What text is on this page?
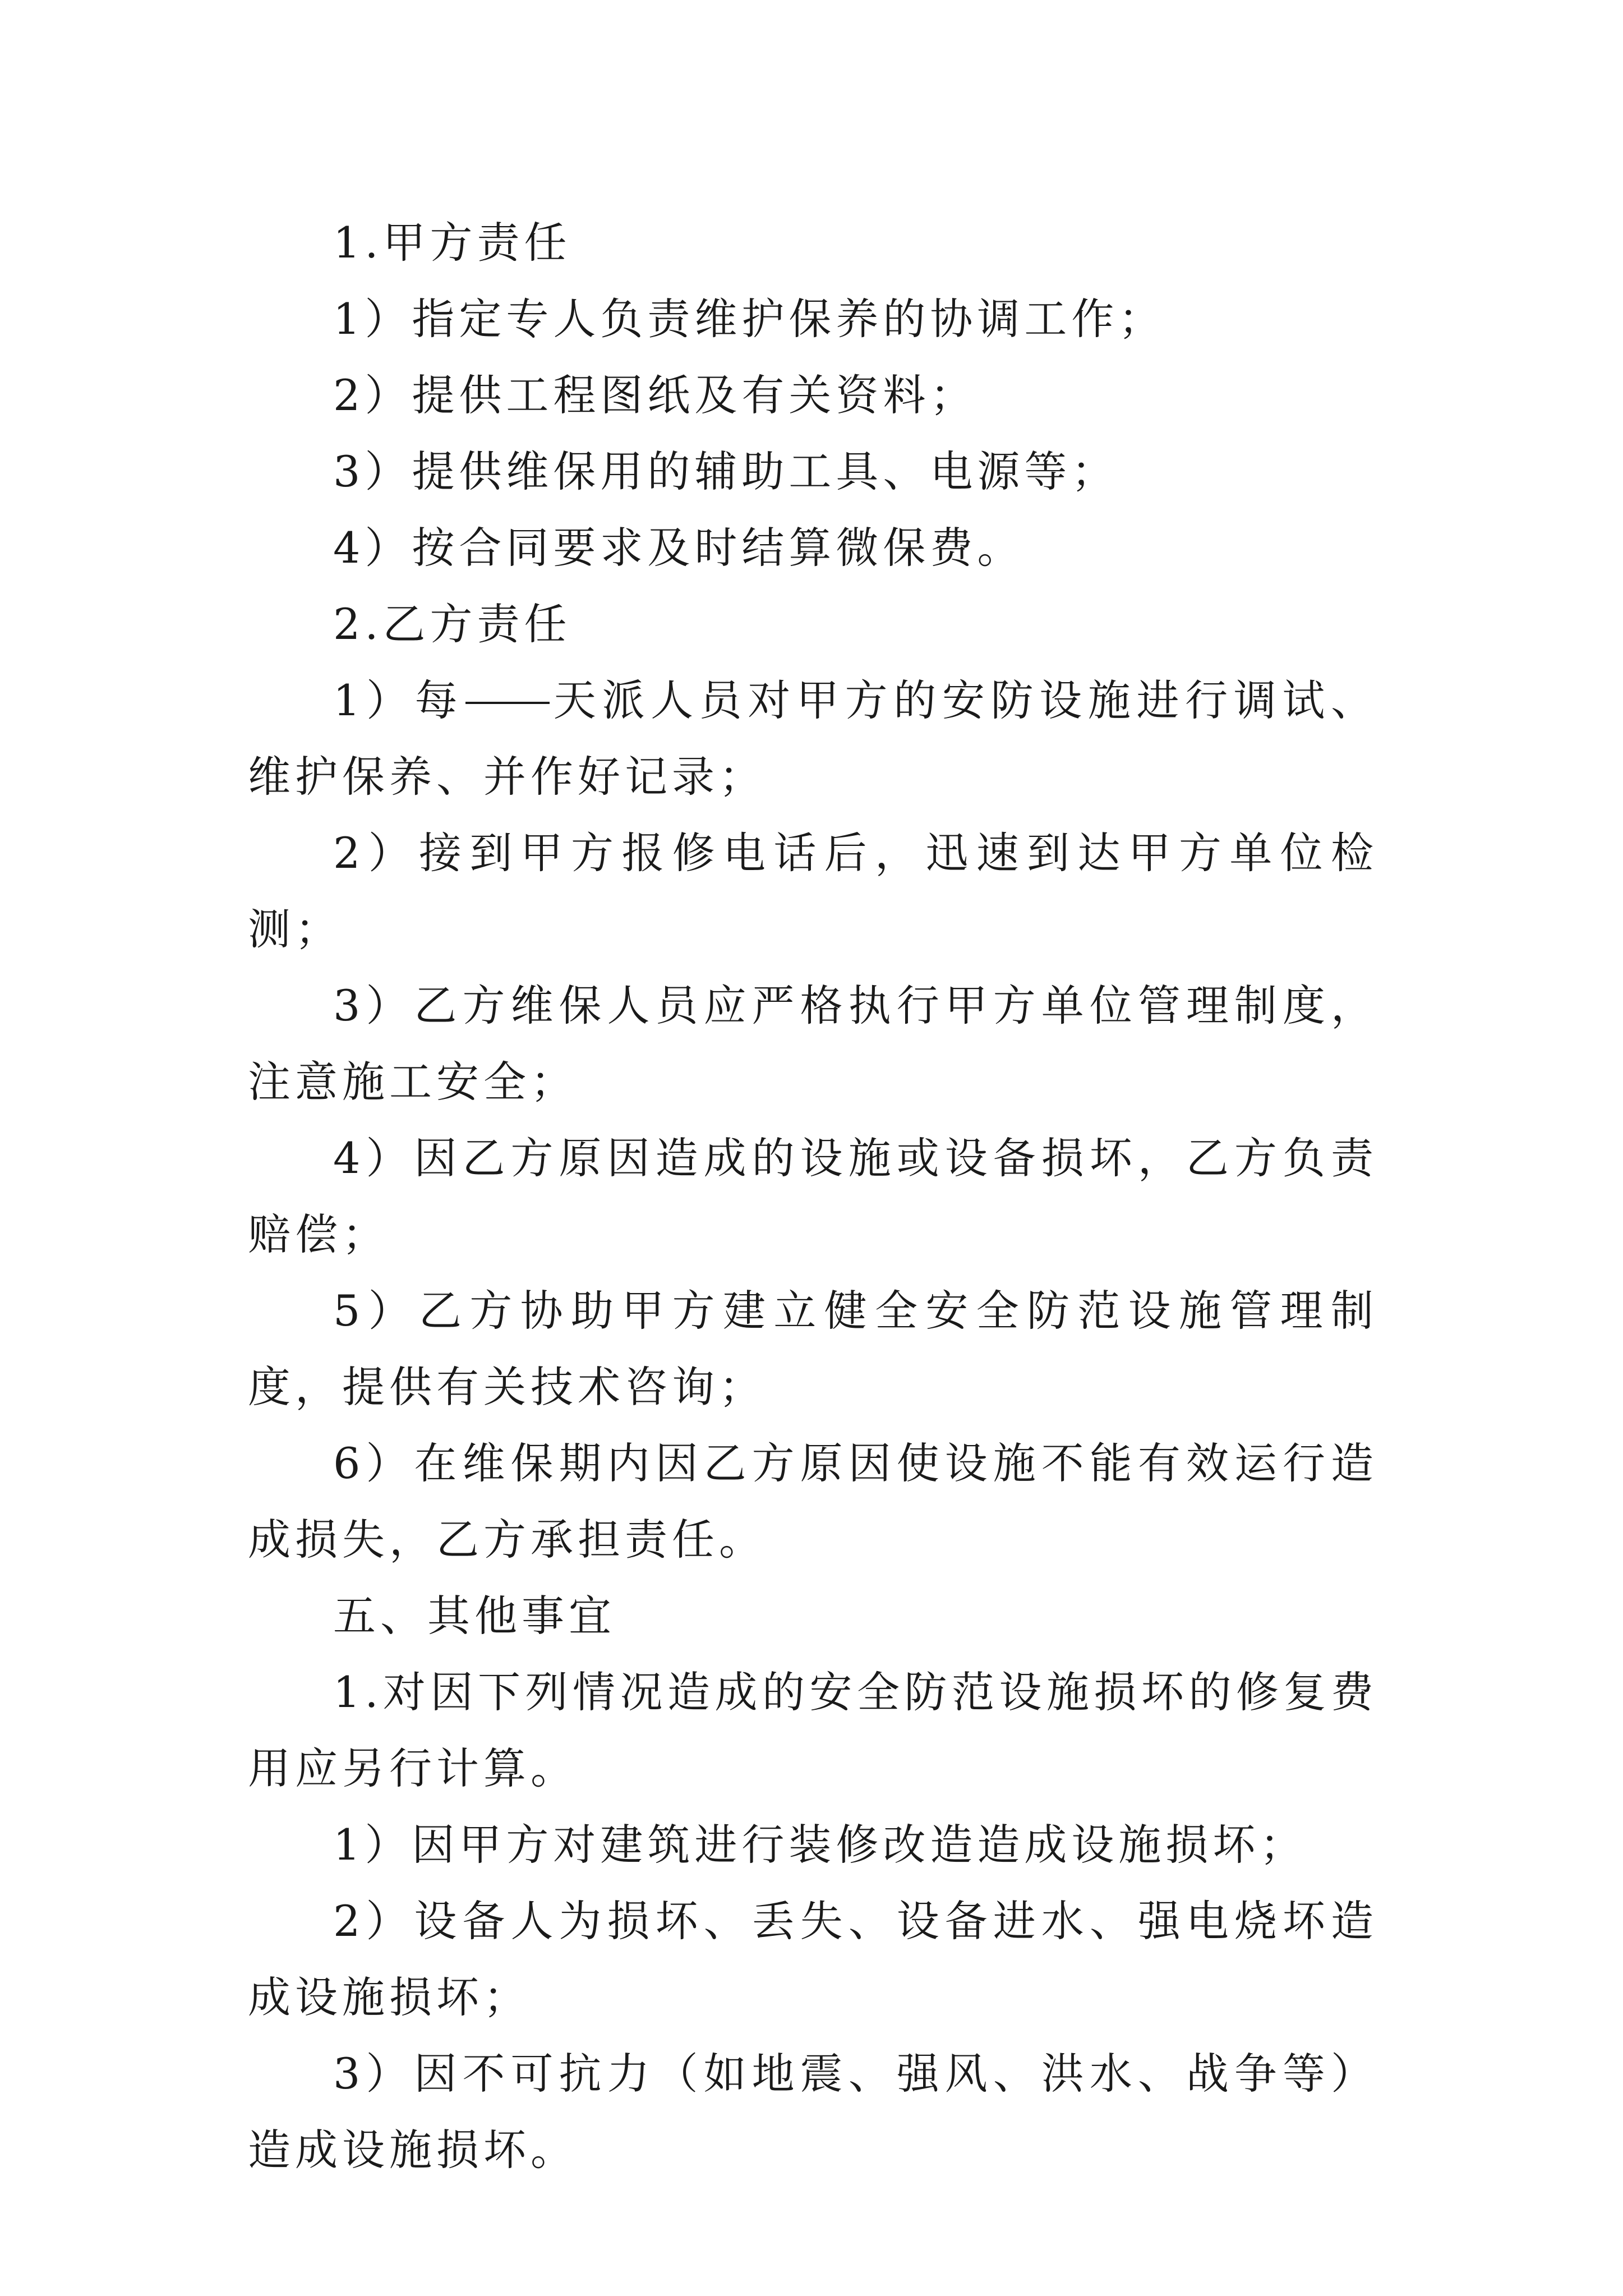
1.甲方责任

1）指定专人负责维护保养的协调工作；

2）提供工程图纸及有关资料；

3）提供维保用的辅助工具、电源等；

4）按合同要求及时结算微保费。

2.乙方责任

1）每 天派人员对甲方的安防设施进行调试、维护保养、并作好记录；

2）接到甲方报修电话后，迅速到达甲方单位检测；

3）乙方维保人员应严格执行甲方单位管理制度，注意施工安全；

4）因乙方原因造成的设施或设备损坏，乙方负责赔偿；

5）乙方协助甲方建立健全安全防范设施管理制度，提供有关技术咨询；

6）在维保期内因乙方原因使设施不能有效运行造成损失，乙方承担责任。

五、其他事宜

1.对因下列情况造成的安全防范设施损坏的修复费用应另行计算。

1）因甲方对建筑进行装修改造造成设施损坏；

2）设备人为损坏、丢失、设备进水、强电烧坏造成设施损坏；

3）因不可抗力（如地震、强风、洪水、战争等）造成设施损坏。
